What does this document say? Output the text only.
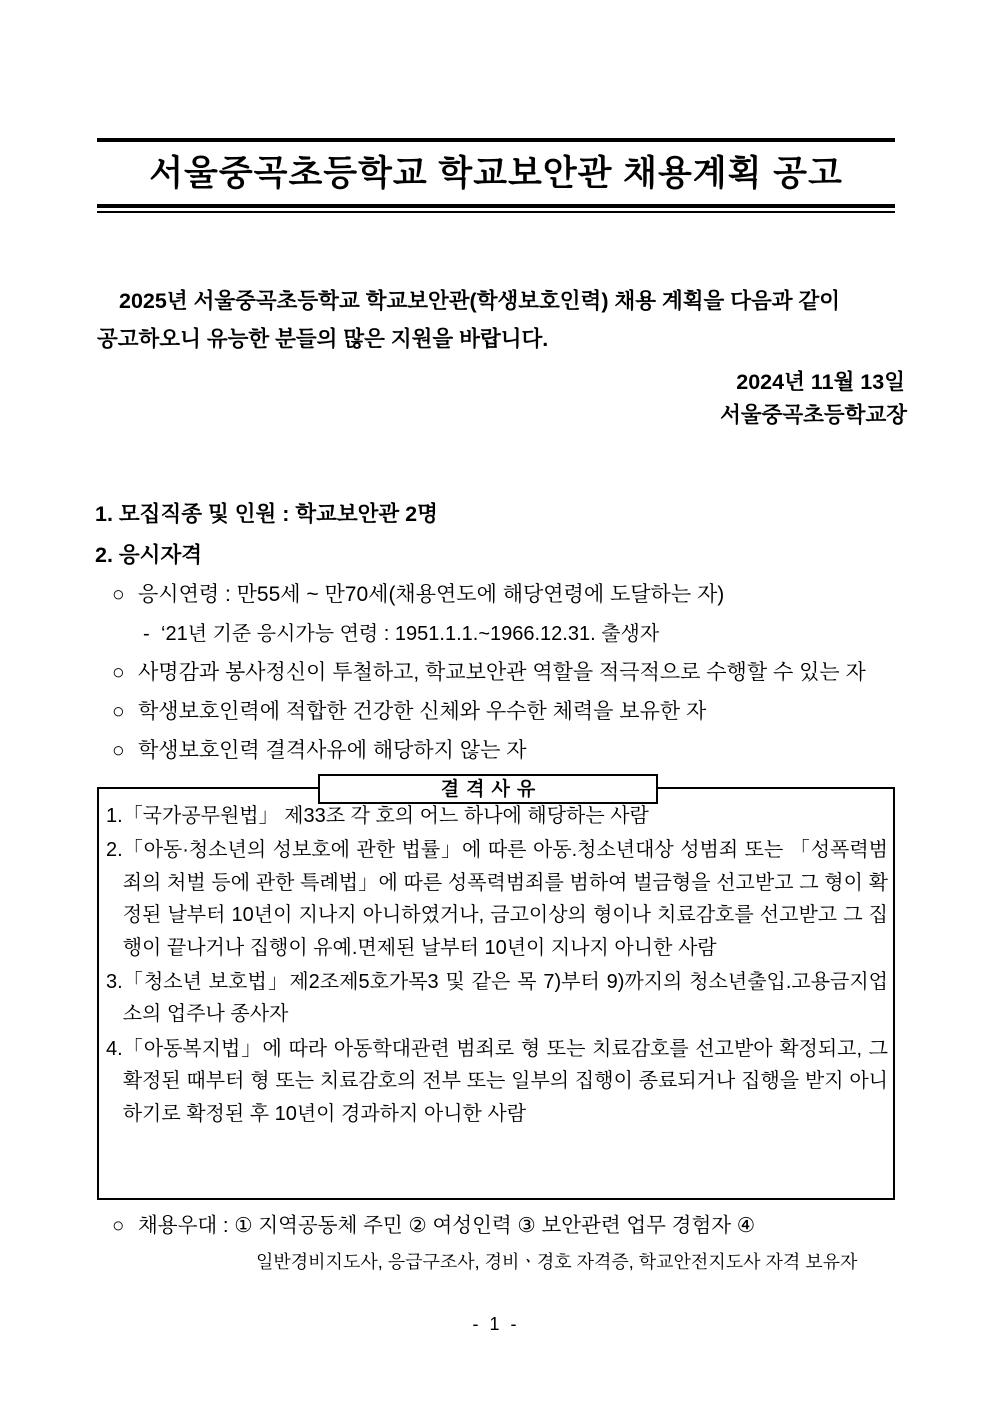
서울중곡초등학교 학교보안관 채용계획 공고
2025년 서울중곡초등학교 학교보안관(학생보호인력) 채용 계획을 다음과 같이 공고하오니 유능한 분들의 많은 지원을 바랍니다.
2024년 11월 13일
서울중곡초등학교장
1. 모집직종 및 인원 : 학교보안관 2명
2. 응시자격
○ 응시연령 : 만55세 ~ 만70세(채용연도에 해당연령에 도달하는 자)
- ‘21년 기준 응시가능 연령 : 1951.1.1.~1966.12.31. 출생자
○ 사명감과 봉사정신이 투철하고, 학교보안관 역할을 적극적으로 수행할 수 있는 자
○ 학생보호인력에 적합한 건강한 신체와 우수한 체력을 보유한 자
○ 학생보호인력 결격사유에 해당하지 않는 자
결격사유
1. 「국가공무원법」 제33조 각 호의 어느 하나에 해당하는 사람
2. 「아동·청소년의 성보호에 관한 법률」에 따른 아동.청소년대상 성범죄 또는 「성폭력범죄의 처벌 등에 관한 특례법」에 따른 성폭력범죄를 범하여 벌금형을 선고받고 그 형이 확정된 날부터 10년이 지나지 아니하였거나, 금고이상의 형이나 치료감호를 선고받고 그 집행이 끝나거나 집행이 유예.면제된 날부터 10년이 지나지 아니한 사람
3. 「청소년 보호법」제2조제5호가목3 및 같은 목 7)부터 9)까지의 청소년출입.고용금지업소의 업주나 종사자
4. 「아동복지법」에 따라 아동학대관련 범죄로 형 또는 치료감호를 선고받아 확정되고, 그 확정된 때부터 형 또는 치료감호의 전부 또는 일부의 집행이 종료되거나 집행을 받지 아니하기로 확정된 후 10년이 경과하지 아니한 사람
○ 채용우대 : ① 지역공동체 주민 ② 여성인력 ③ 보안관련 업무 경험자 ④
일반경비지도사, 응급구조사, 경비ㆍ경호 자격증, 학교안전지도사 자격 보유자
- 1 -
